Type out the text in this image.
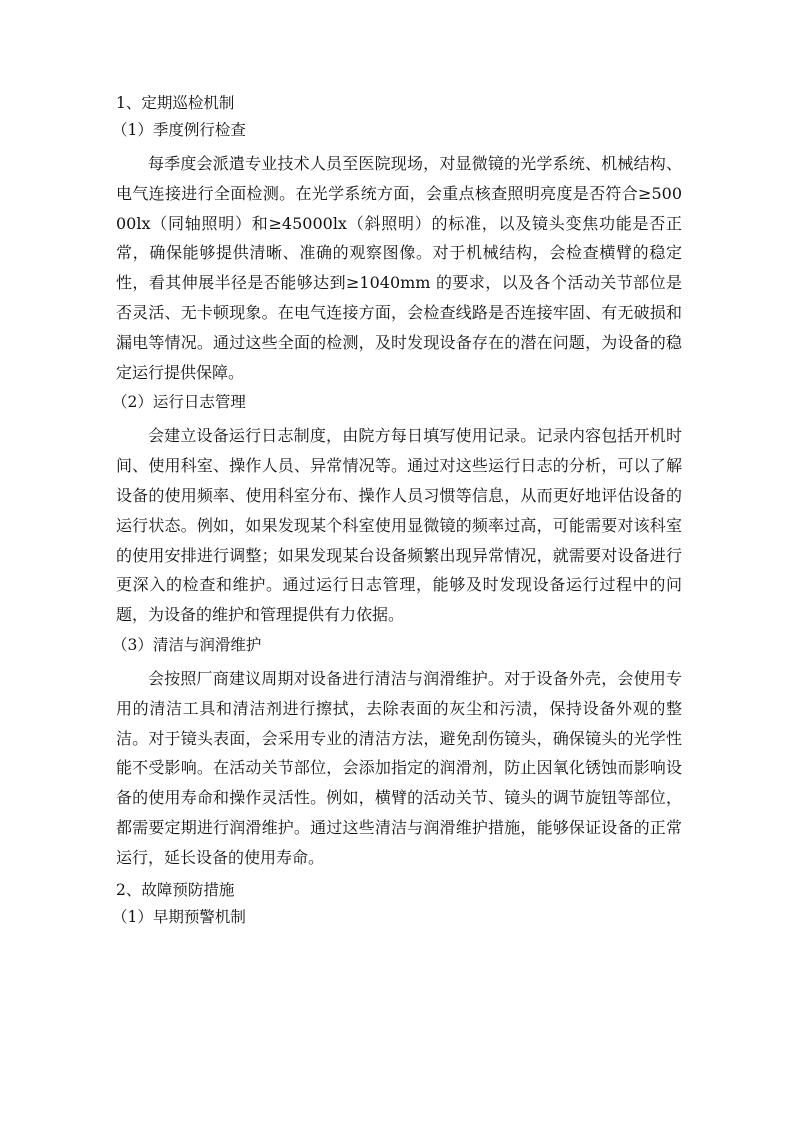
1、定期巡检机制
（1）季度例行检查

每季度会派遣专业技术人员至医院现场，对显微镜的光学系统、机械结构、电气连接进行全面检测。在光学系统方面，会重点核查照明亮度是否符合≥50000lx（同轴照明）和≥45000lx（斜照明）的标准，以及镜头变焦功能是否正常，确保能够提供清晰、准确的观察图像。对于机械结构，会检查横臂的稳定性，看其伸展半径是否能够达到≥1040mm 的要求，以及各个活动关节部位是否灵活、无卡顿现象。在电气连接方面，会检查线路是否连接牢固、有无破损和漏电等情况。通过这些全面的检测，及时发现设备存在的潜在问题，为设备的稳定运行提供保障。

（2）运行日志管理

会建立设备运行日志制度，由院方每日填写使用记录。记录内容包括开机时间、使用科室、操作人员、异常情况等。通过对这些运行日志的分析，可以了解设备的使用频率、使用科室分布、操作人员习惯等信息，从而更好地评估设备的运行状态。例如，如果发现某个科室使用显微镜的频率过高，可能需要对该科室的使用安排进行调整；如果发现某台设备频繁出现异常情况，就需要对设备进行更深入的检查和维护。通过运行日志管理，能够及时发现设备运行过程中的问题，为设备的维护和管理提供有力依据。

（3）清洁与润滑维护

会按照厂商建议周期对设备进行清洁与润滑维护。对于设备外壳，会使用专用的清洁工具和清洁剂进行擦拭，去除表面的灰尘和污渍，保持设备外观的整洁。对于镜头表面，会采用专业的清洁方法，避免刮伤镜头，确保镜头的光学性能不受影响。在活动关节部位，会添加指定的润滑剂，防止因氧化锈蚀而影响设备的使用寿命和操作灵活性。例如，横臂的活动关节、镜头的调节旋钮等部位，都需要定期进行润滑维护。通过这些清洁与润滑维护措施，能够保证设备的正常运行，延长设备的使用寿命。

2、故障预防措施
（1）早期预警机制
